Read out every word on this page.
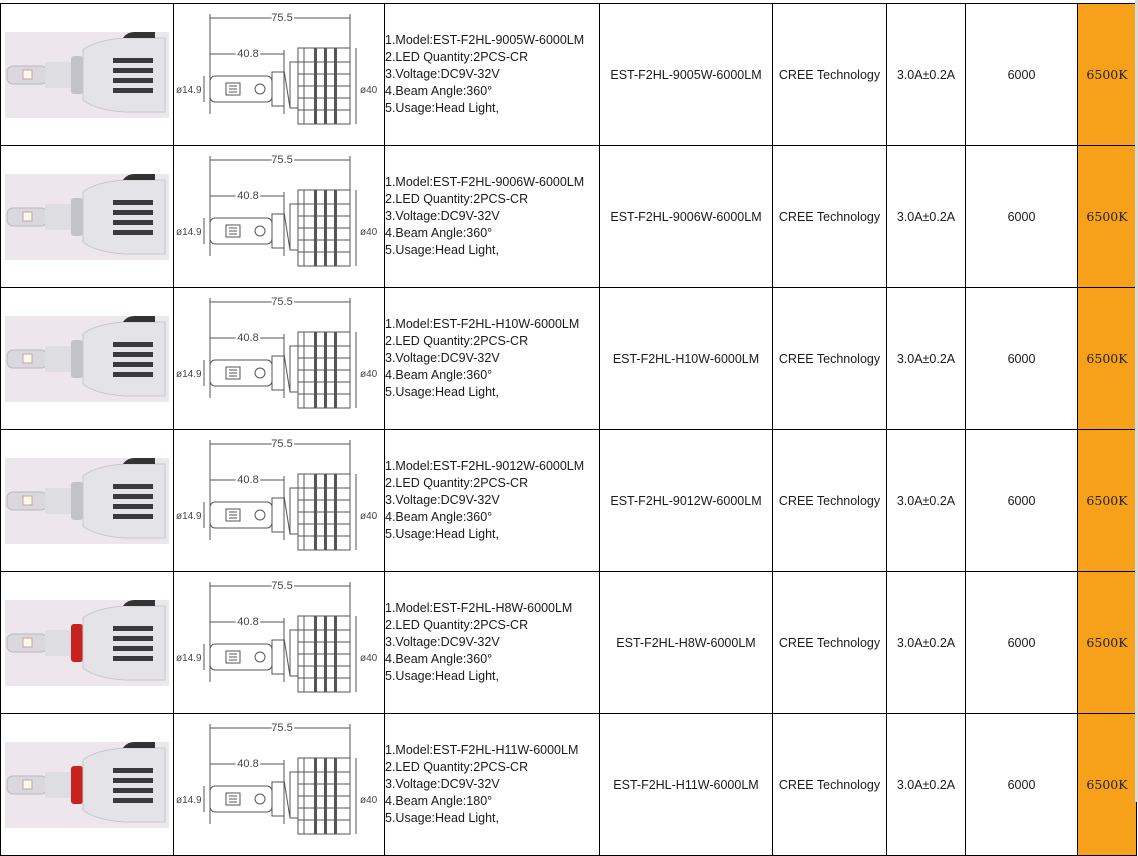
75.5
40.8
ø14.9 ø40	1.Model:EST-F2HL-9005W-6000LM
2.LED Quantity:2PCS-CR
3.Voltage:DC9V-32V
4.Beam Angle:360°
5.Usage:Head Light,	EST-F2HL-9005W-6000LM	CREE Technology	3.0A±0.2A	6000	6500K

75.5
40.8
ø14.9 ø40	1.Model:EST-F2HL-9006W-6000LM
2.LED Quantity:2PCS-CR
3.Voltage:DC9V-32V
4.Beam Angle:360°
5.Usage:Head Light,	EST-F2HL-9006W-6000LM	CREE Technology	3.0A±0.2A	6000	6500K

75.5
40.8
ø14.9 ø40	1.Model:EST-F2HL-H10W-6000LM
2.LED Quantity:2PCS-CR
3.Voltage:DC9V-32V
4.Beam Angle:360°
5.Usage:Head Light,	EST-F2HL-H10W-6000LM	CREE Technology	3.0A±0.2A	6000	6500K

75.5
40.8
ø14.9 ø40	1.Model:EST-F2HL-9012W-6000LM
2.LED Quantity:2PCS-CR
3.Voltage:DC9V-32V
4.Beam Angle:360°
5.Usage:Head Light,	EST-F2HL-9012W-6000LM	CREE Technology	3.0A±0.2A	6000	6500K

75.5
40.8
ø14.9 ø40	1.Model:EST-F2HL-H8W-6000LM
2.LED Quantity:2PCS-CR
3.Voltage:DC9V-32V
4.Beam Angle:360°
5.Usage:Head Light,	EST-F2HL-H8W-6000LM	CREE Technology	3.0A±0.2A	6000	6500K

75.5
40.8
ø14.9 ø40	1.Model:EST-F2HL-H11W-6000LM
2.LED Quantity:2PCS-CR
3.Voltage:DC9V-32V
4.Beam Angle:180°
5.Usage:Head Light,	EST-F2HL-H11W-6000LM	CREE Technology	3.0A±0.2A	6000	6500K
